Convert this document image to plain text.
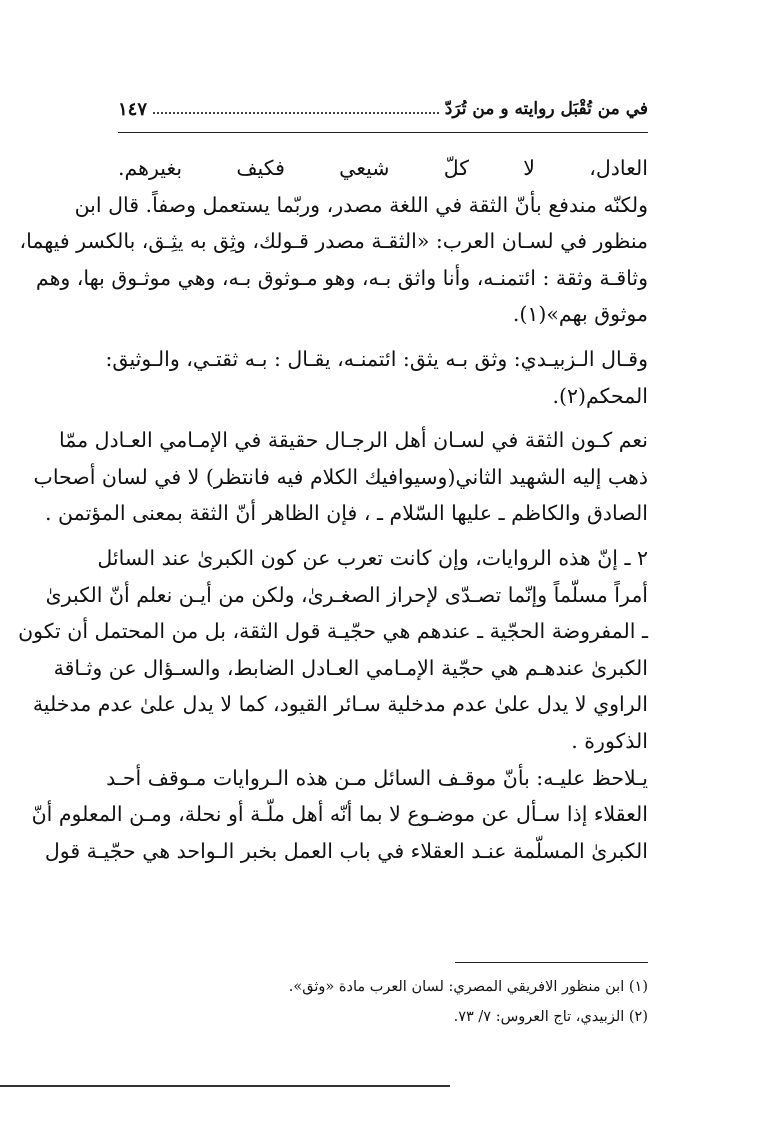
في من تُقْبَل روايته و من تُرَدّ
١٤٧
العادل، لا كلّ شيعي فكيف بغيرهم.
ولكنّه مندفع بأنّ الثقة في اللغة مصدر، وربّما يستعمل وصفاً. قال ابن
منظور في لسـان العرب: «الثقـة مصدر قـولك، وثِق به يثِـق، بالكسر فيهما،
وثاقـة وثقة : ائتمنـه، وأنا واثق بـه، وهو مـوثوق بـه، وهي موثـوق بها، وهم
موثوق بهم»(١).
وقـال الـزبيـدي: وثق بـه يثق: ائتمنـه، يقـال : بـه ثقتـي، والـوثيق:
المحكم(٢).
نعم كـون الثقة في لسـان أهل الرجـال حقيقة في الإمـامي العـادل ممّا
ذهب إليه الشهيد الثاني(وسيوافيك الكلام فيه فانتظر) لا في لسان أصحاب
الصادق والكاظم ـ عليها السّلام ـ ، فإن الظاهر أنّ الثقة بمعنى المؤتمن .
٢ ـ إنّ هذه الروايات، وإن كانت تعرب عن كون الكبرىٰ عند السائل
أمراً مسلّماً وإنّما تصـدّى لإحراز الصغـرىٰ، ولكن من أيـن نعلم أنّ الكبرىٰ
ـ المفروضة الحجّية ـ عندهم هي حجّيـة قول الثقة، بل من المحتمل أن تكون
الكبرىٰ عندهـم هي حجّية الإمـامي العـادل الضابط، والسـؤال عن وثـاقة
الراوي لا يدل علىٰ عدم مدخلية سـائر القيود، كما لا يدل علىٰ عدم مدخلية
الذكورة .
يـلاحظ عليـه: بأنّ موقـف السائل مـن هذه الـروايات مـوقف أحـد
العقلاء إذا سـأل عن موضـوع لا بما أنّه أهل ملّـة أو نحلة، ومـن المعلوم أنّ
الكبرىٰ المسلّمة عنـد العقلاء في باب العمل بخبر الـواحد هي حجّيـة قول
(١) ابن منظور الافريقي المصري: لسان العرب مادة «وثق».
(٢) الزبيدي، تاج العروس: ٧/ ٧٣.
